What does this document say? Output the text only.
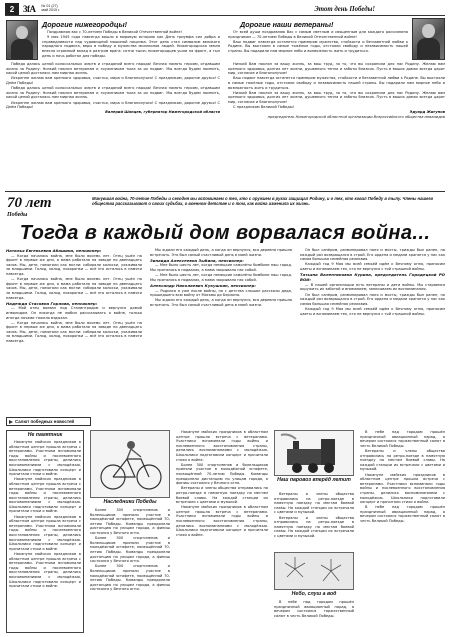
2 3fA № 01 (27)
май 2015 г.	Этот день Победы!
Дорогие нижегородцы!

Поздравляю вас с 70-летием Победы в Великой Отечественной войне!

9 мая 1945 года навсегда вошло в мировую историю как День триумфа сил добра и справедливости над чудовищной машиной нацизма. Этот день стал символом великого народного подвига, веры в победу и мужества миллионов людей. Нижегородская земля внесла огромный вклад в разгром врага: сотни тысяч нижегородцев ушли на фронт, а тыл день и ночь работал для победы.

Победа далась ценой колоссальных жертв и страданий всего народа! Вечная память героям, отдавшим жизнь за Родину. Низкий поклон ветеранам и труженикам тыла за их подвиг. Мы всегда будем помнить, какой ценой досталась нам мирная жизнь.

Искренне желаю вам крепкого здоровья, счастья, мира и благополучия! С праздником, дорогие друзья! С Днём Победы!

Победа далась ценой колоссальных жертв и страданий всего народа! Вечная память героям, отдавшим жизнь за Родину. Низкий поклон ветеранам и труженикам тыла за их подвиг. Мы всегда будем помнить, какой ценой досталась нам мирная жизнь.

Искренне желаю вам крепкого здоровья, счастья, мира и благополучия! С праздником, дорогие друзья! С Днём Победы!

Валерий Шанцев, губернатор Нижегородской области
Дорогие наши ветераны!

От всей души поздравляю Вас с самым светлым и священным для каждого россиянина праздником — 70-летием Победы в Великой Отечественной войне!

Ваш подвиг навсегда останется примером мужества, стойкости и беззаветной любви к Родине. Вы выстояли в самые тяжёлые годы, отстояли свободу и независимость нашей страны. Вы подарили нам мирное небо и возможность жить и трудиться.

Низкий Вам поклон за вашу жизнь, за ваш труд, за то, что вы сохранили для нас Родину. Желаю вам крепкого здоровья, долгих лет жизни, душевного тепла и заботы близких. Пусть в ваших домах всегда царят мир, согласие и благополучие!

Ваш подвиг навсегда останется примером мужества, стойкости и беззаветной любви к Родине. Вы выстояли в самые тяжёлые годы, отстояли свободу и независимость нашей страны. Вы подарили нам мирное небо и возможность жить и трудиться.

Низкий Вам поклон за вашу жизнь, за ваш труд, за то, что вы сохранили для нас Родину. Желаю вам крепкого здоровья, долгих лет жизни, душевного тепла и заботы близких. Пусть в ваших домах всегда царят мир, согласие и благополучие!

С праздником Великой Победы!

Эдуард Жигунов
председатель Нижегородской областной организации Всероссийского общества инвалидов
70 лет
Победы
Минувшая война, 70-летие Победы и сегодня мы вспоминаем о тех, кто с оружием в руках защищал Родину, и о тех, кто ковал Победу в тылу. Члены нашего общества рассказывают о своих судьбах, о военном детстве и о том, как война изменила их жизнь.
Тогда в каждый дом ворвалася война...

Наталья Евгеньевна Абашина, пенсионер:

— Когда началась война, мне было восемь лет. Отец ушёл на фронт в первые же дни, а мама работала на заводе по двенадцать часов. Мы, дети, помогали как могли: собирали колоски, ухаживали за младшими. Голод, холод, похоронки — всё это осталось в памяти навсегда.

— Когда началась война, мне было восемь лет. Отец ушёл на фронт в первые же дни, а мама работала на заводе по двенадцать часов. Мы, дети, помогали как могли: собирали колоски, ухаживали за младшими. Голод, холод, похоронки — всё это осталось в памяти навсегда.

Надежда Стасовна Горлова, пенсионер:

— Мой отец воевал под Сталинградом и вернулся домой инвалидом. Он никогда не любил рассказывать о войне, только иногда ночами тяжело вздыхал.

— Когда началась война, мне было восемь лет. Отец ушёл на фронт в первые же дни, а мама работала на заводе по двенадцать часов. Мы, дети, помогали как могли: собирали колоски, ухаживали за младшими. Голод, холод, похоронки — всё это осталось в памяти навсегда.

Мы ждали его каждый день, а когда он вернулся, вся деревня пришла встречать. Это был самый счастливый день в моей жизни.

Зинаида Алексеевна Зыбина, пенсионер:

— Мне было шесть лет, когда немецкие самолёты бомбили наш город. Мы прятались в подвалах, а мама закрывала нас собой.

— Мне было шесть лет, когда немецкие самолёты бомбили наш город. Мы прятались в подвалах, а мама закрывала нас собой.

Александр Николаевич Кукушкин, пенсионер:

— Родился я уже после войны, но с детства слышал рассказы деда, прошедшего всю войну от Москвы до Берлина.

Мы ждали его каждый день, а когда он вернулся, вся деревня пришла встречать. Это был самый счастливый день в моей жизни.

Он был сапёром, разминировал поля и мосты, трижды был ранен, но каждый раз возвращался в строй. Его ордена и медали хранятся у нас как самая большая семейная реликвия.

Каждый год 9 Мая мы всей семьёй идём к Вечному огню, приносим цветы и вспоминаем тех, кто не вернулся с той страшной войны.

Татьяна Валентиновна Курина, председатель Городецкой РО ВОИ:

— В нашей организации есть ветераны и дети войны. Мы стараемся окружить их заботой и вниманием, записываем их воспоминания.

Он был сапёром, разминировал поля и мосты, трижды был ранен, но каждый раз возвращался в строй. Его ордена и медали хранятся у нас как самая большая семейная реликвия.

Каждый год 9 Мая мы всей семьёй идём к Вечному огню, приносим цветы и вспоминаем тех, кто не вернулся с той страшной войны.

Салют победных новостей
Не памятник

Накануне майских праздников в областном центре прошла встреча с ветеранами. Участники вспоминали годы войны и послевоенного восстановления страны, делились воспоминаниями с молодёжью. Школьники подготовили концерт и прочитали стихи о войне.

Накануне майских праздников в областном центре прошла встреча с ветеранами. Участники вспоминали годы войны и послевоенного восстановления страны, делились воспоминаниями с молодёжью. Школьники подготовили концерт и прочитали стихи о войне.

Накануне майских праздников в областном центре прошла встреча с ветеранами. Участники вспоминали годы войны и послевоенного восстановления страны, делились воспоминаниями с молодёжью. Школьники подготовили концерт и прочитали стихи о войне.

Накануне майских праздников в областном центре прошла встреча с ветеранами. Участники вспоминали годы войны и послевоенного восстановления страны, делились воспоминаниями с молодёжью. Школьники подготовили концерт и прочитали стихи о войне.

Наследники Победы

Более 300 спортсменов и болельщиков приняли участие в молодёжной эстафете, посвящённой 70-летию Победы. Команды преодолели дистанцию по улицам города, а финиш состоялся у Вечного огня.

Более 300 спортсменов и болельщиков приняли участие в молодёжной эстафете, посвящённой 70-летию Победы. Команды преодолели дистанцию по улицам города, а финиш состоялся у Вечного огня.

Более 300 спортсменов и болельщиков приняли участие в молодёжной эстафете, посвящённой 70-летию Победы. Команды преодолели дистанцию по улицам города, а финиш состоялся у Вечного огня.

Накануне майских праздников в областном центре прошла встреча с ветеранами. Участники вспоминали годы войны и послевоенного восстановления страны, делились воспоминаниями с молодёжью. Школьники подготовили концерт и прочитали стихи о войне.

Более 300 спортсменов и болельщиков приняли участие в молодёжной эстафете, посвящённой 70-летию Победы. Команды преодолели дистанцию по улицам города, а финиш состоялся у Вечного огня.

Ветераны и члены общества отправились на ретро-поезде в памятную поездку по местам боевой славы. На каждой станции их встречали с цветами и музыкой.

Накануне майских праздников в областном центре прошла встреча с ветеранами. Участники вспоминали годы войны и послевоенного восстановления страны, делились воспоминаниями с молодёжью. Школьники подготовили концерт и прочитали стихи о войне.

Наш паровоз вперёд летит

Ветераны и члены общества отправились на ретро-поезде в памятную поездку по местам боевой славы. На каждой станции их встречали с цветами и музыкой.

Ветераны и члены общества отправились на ретро-поезде в памятную поездку по местам боевой славы. На каждой станции их встречали с цветами и музыкой.

Небо, слуш а вод

В небе над городом прошёл праздничный авиационный парад, а вечером состоялся торжественный салют в честь Великой Победы.

В небе над городом прошёл праздничный авиационный парад, а вечером состоялся торжественный салют в честь Великой Победы.

Ветераны и члены общества отправились на ретро-поезде в памятную поездку по местам боевой славы. На каждой станции их встречали с цветами и музыкой.

Накануне майских праздников в областном центре прошла встреча с ветеранами. Участники вспоминали годы войны и послевоенного восстановления страны, делились воспоминаниями с молодёжью. Школьники подготовили концерт и прочитали стихи о войне.

В небе над городом прошёл праздничный авиационный парад, а вечером состоялся торжественный салют в честь Великой Победы.
